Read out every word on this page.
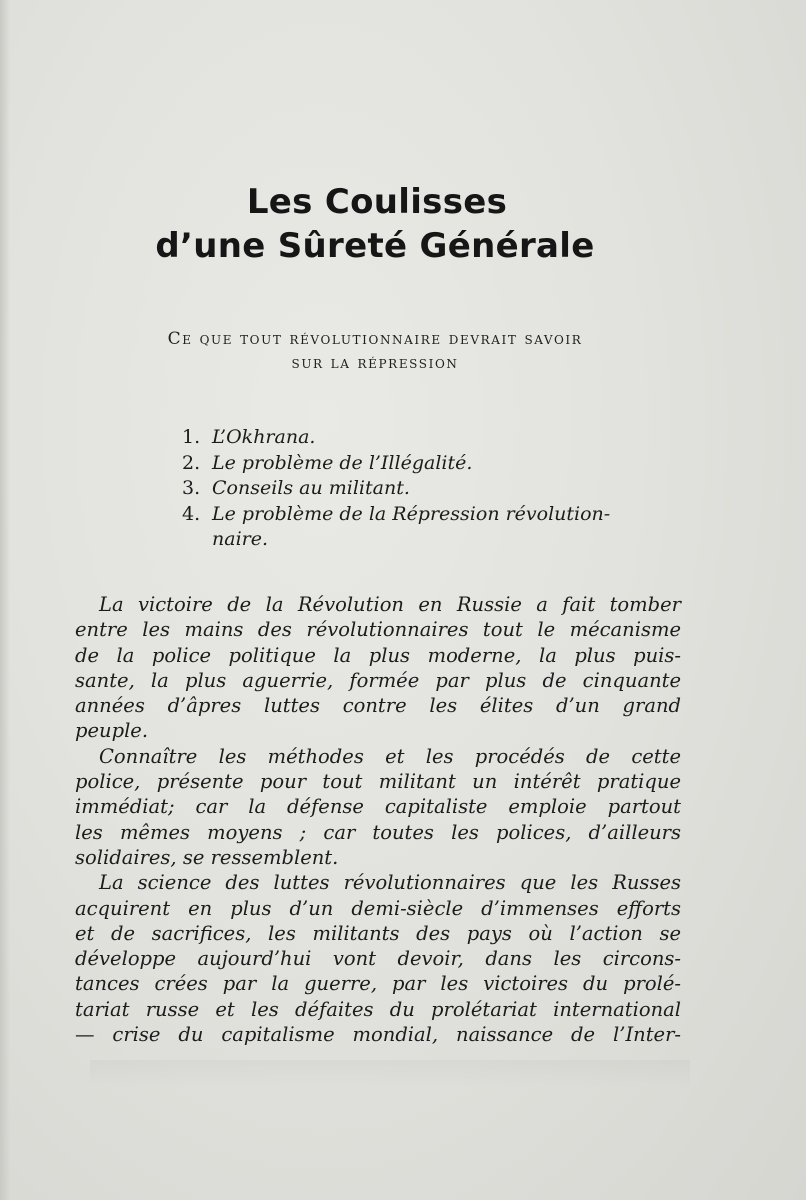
Les Coulisses
d’une Sûreté Générale
Ce que tout révolutionnaire devrait savoir
sur la répression
1. L’Okhrana.
2. Le problème de l’Illégalité.
3. Conseils au militant.
4. Le problème de la Répression révolution-
naire.
La victoire de la Révolution en Russie a fait tomber
entre les mains des révolutionnaires tout le mécanisme
de la police politique la plus moderne, la plus puis-
sante, la plus aguerrie, formée par plus de cinquante
années d’âpres luttes contre les élites d’un grand
peuple.
Connaître les méthodes et les procédés de cette
police, présente pour tout militant un intérêt pratique
immédiat; car la défense capitaliste emploie partout
les mêmes moyens ; car toutes les polices, d’ailleurs
solidaires, se ressemblent.
La science des luttes révolutionnaires que les Russes
acquirent en plus d’un demi-siècle d’immenses efforts
et de sacrifices, les militants des pays où l’action se
développe aujourd’hui vont devoir, dans les circons-
tances crées par la guerre, par les victoires du prolé-
tariat russe et les défaites du prolétariat international
— crise du capitalisme mondial, naissance de l’Inter-
